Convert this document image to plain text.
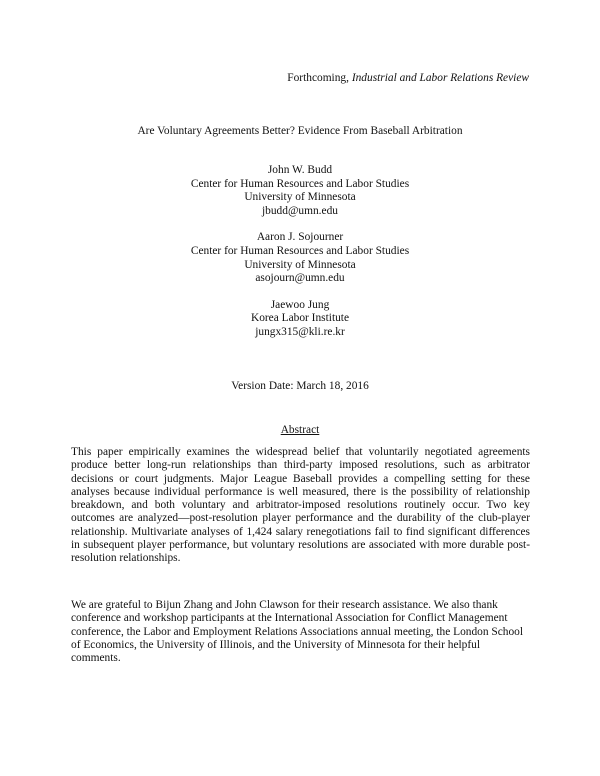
Forthcoming, Industrial and Labor Relations Review
Are Voluntary Agreements Better? Evidence From Baseball Arbitration
John W. Budd
Center for Human Resources and Labor Studies
University of Minnesota
jbudd@umn.edu
Aaron J. Sojourner
Center for Human Resources and Labor Studies
University of Minnesota
asojourn@umn.edu
Jaewoo Jung
Korea Labor Institute
jungx315@kli.re.kr
Version Date: March 18, 2016
Abstract

This paper empirically examines the widespread belief that voluntarily negotiated agreements produce better long-run relationships than third-party imposed resolutions, such as arbitrator decisions or court judgments. Major League Baseball provides a compelling setting for these analyses because individual performance is well measured, there is the possibility of relationship breakdown, and both voluntary and arbitrator-imposed resolutions routinely occur. Two key outcomes are analyzed—post-resolution player performance and the durability of the club-player relationship. Multivariate analyses of 1,424 salary renegotiations fail to find significant differences in subsequent player performance, but voluntary resolutions are associated with more durable post-resolution relationships.

We are grateful to Bijun Zhang and John Clawson for their research assistance. We also thank conference and workshop participants at the International Association for Conflict Management conference, the Labor and Employment Relations Associations annual meeting, the London School of Economics, the University of Illinois, and the University of Minnesota for their helpful comments.
